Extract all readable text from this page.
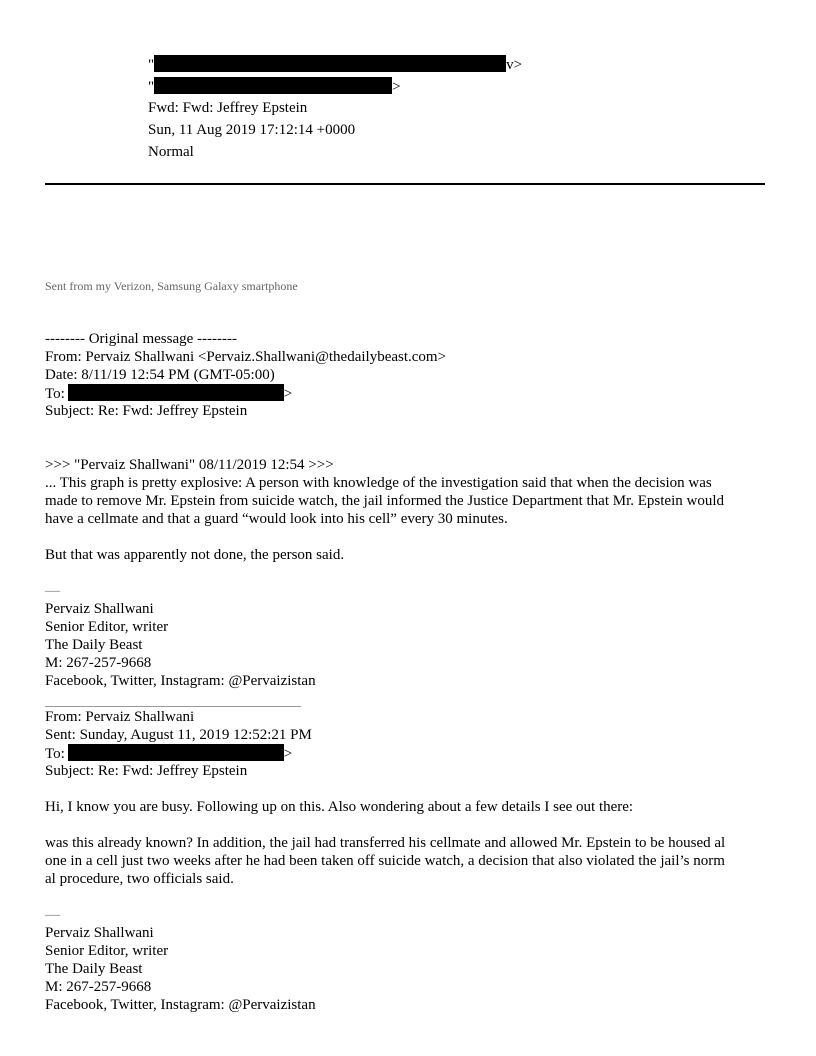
"	v>
"	>
Fwd: Fwd: Jeffrey Epstein
Sun, 11 Aug 2019 17:12:14 +0000
Normal
Sent from my Verizon, Samsung Galaxy smartphone
-------- Original message --------
From: Pervaiz Shallwani <Pervaiz.Shallwani@thedailybeast.com>
Date: 8/11/19 12:54 PM (GMT-05:00)
To:	>
Subject: Re: Fwd: Jeffrey Epstein
>>> "Pervaiz Shallwani" 08/11/2019 12:54 >>>
... This graph is pretty explosive: A person with knowledge of the investigation said that when the decision was
made to remove Mr. Epstein from suicide watch, the jail informed the Justice Department that Mr. Epstein would
have a cellmate and that a guard “would look into his cell” every 30 minutes.
But that was apparently not done, the person said.
—
Pervaiz Shallwani
Senior Editor, writer
The Daily Beast
M: 267-257-9668
Facebook, Twitter, Instagram: @Pervaizistan
From: Pervaiz Shallwani
Sent: Sunday, August 11, 2019 12:52:21 PM
To:	>
Subject: Re: Fwd: Jeffrey Epstein
Hi, I know you are busy. Following up on this. Also wondering about a few details I see out there:
was this already known? In addition, the jail had transferred his cellmate and allowed Mr. Epstein to be housed al
one in a cell just two weeks after he had been taken off suicide watch, a decision that also violated the jail’s norm
al procedure, two officials said.
—
Pervaiz Shallwani
Senior Editor, writer
The Daily Beast
M: 267-257-9668
Facebook, Twitter, Instagram: @Pervaizistan
